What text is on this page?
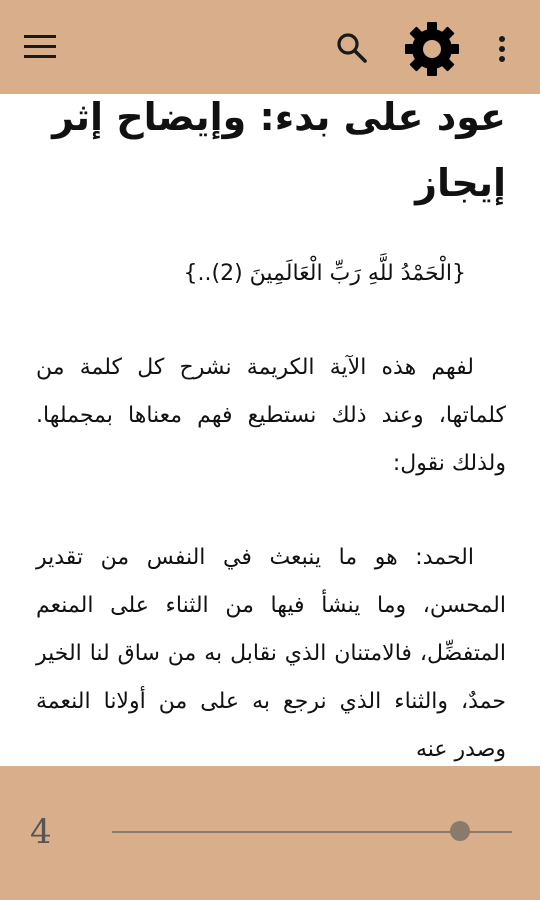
عود على بدء: وإيضاح إثر
إيجاز

{الْحَمْدُ للَّهِ رَبِّ الْعَالَمِينَ (2)..}

لفهم هذه الآية الكريمة نشرح كل كلمة من كلماتها، وعند ذلك نستطيع فهم معناها بمجملها. ولذلك نقول:

الحمد: هو ما ينبعث في النفس من تقدير المحسن، وما ينشأ فيها من الثناء على المنعم المتفضِّل، فالامتنان الذي نقابل به من ساق لنا الخير حمدٌ، والثناء الذي نرجع به على من أولانا النعمة وصدر عنه

4
